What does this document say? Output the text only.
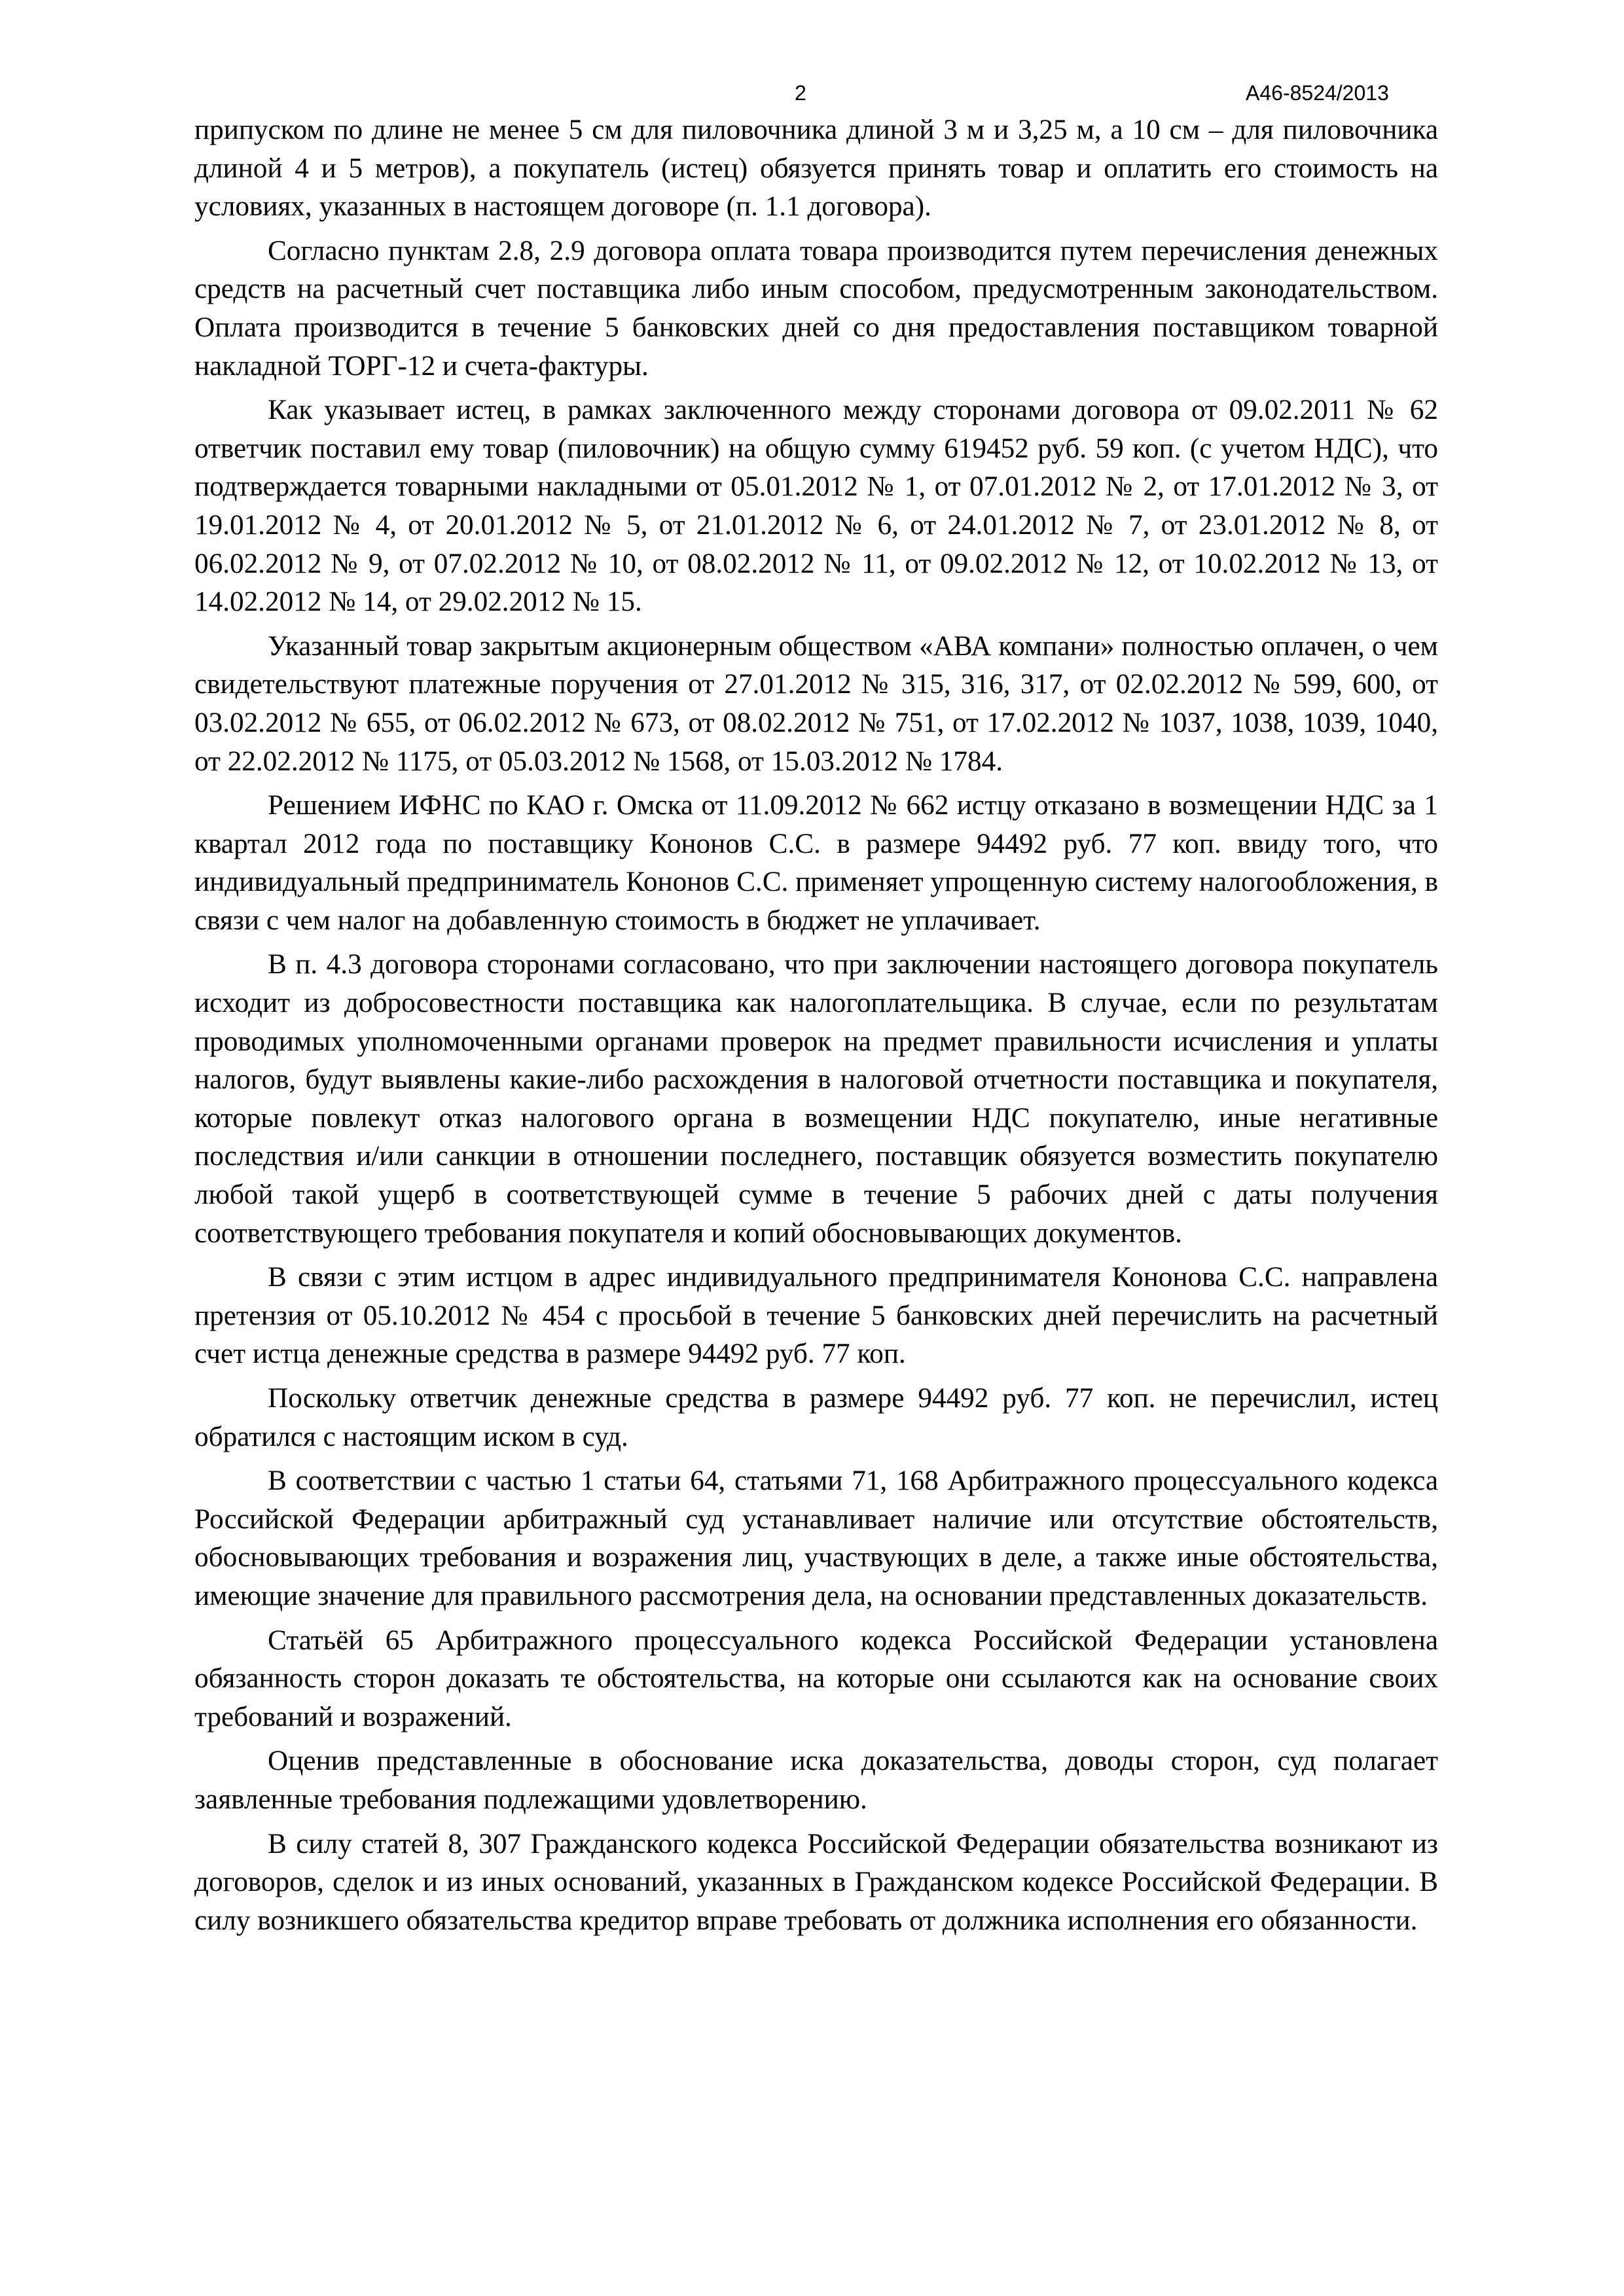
2	А46-8524/2013

припуском по длине не менее 5 см для пиловочника длиной 3 м и 3,25 м, а 10 см – для пиловочника длиной 4 и 5 метров), а покупатель (истец) обязуется принять товар и оплатить его стоимость на условиях, указанных в настоящем договоре (п. 1.1 договора).

Согласно пунктам 2.8, 2.9 договора оплата товара производится путем перечисления денежных средств на расчетный счет поставщика либо иным способом, предусмотренным законодательством. Оплата производится в течение 5 банковских дней со дня предоставления поставщиком товарной накладной ТОРГ-12 и счета-фактуры.

Как указывает истец, в рамках заключенного между сторонами договора от 09.02.2011 № 62 ответчик поставил ему товар (пиловочник) на общую сумму 619452 руб. 59 коп. (с учетом НДС), что подтверждается товарными накладными от 05.01.2012 № 1, от 07.01.2012 № 2, от 17.01.2012 № 3, от 19.01.2012 № 4, от 20.01.2012 № 5, от 21.01.2012 № 6, от 24.01.2012 № 7, от 23.01.2012 № 8, от 06.02.2012 № 9, от 07.02.2012 № 10, от 08.02.2012 № 11, от 09.02.2012 № 12, от 10.02.2012 № 13, от 14.02.2012 № 14, от 29.02.2012 № 15.

Указанный товар закрытым акционерным обществом «АВА компани» полностью оплачен, о чем свидетельствуют платежные поручения от 27.01.2012 № 315, 316, 317, от 02.02.2012 № 599, 600, от 03.02.2012 № 655, от 06.02.2012 № 673, от 08.02.2012 № 751, от 17.02.2012 № 1037, 1038, 1039, 1040, от 22.02.2012 № 1175, от 05.03.2012 № 1568, от 15.03.2012 № 1784.

Решением ИФНС по КАО г. Омска от 11.09.2012 № 662 истцу отказано в возмещении НДС за 1 квартал 2012 года по поставщику Кононов С.С. в размере 94492 руб. 77 коп. ввиду того, что индивидуальный предприниматель Кононов С.С. применяет упрощенную систему налогообложения, в связи с чем налог на добавленную стоимость в бюджет не уплачивает.

В п. 4.3 договора сторонами согласовано, что при заключении настоящего договора покупатель исходит из добросовестности поставщика как налогоплательщика. В случае, если по результатам проводимых уполномоченными органами проверок на предмет правильности исчисления и уплаты налогов, будут выявлены какие-либо расхождения в налоговой отчетности поставщика и покупателя, которые повлекут отказ налогового органа в возмещении НДС покупателю, иные негативные последствия и/или санкции в отношении последнего, поставщик обязуется возместить покупателю любой такой ущерб в соответствующей сумме в течение 5 рабочих дней с даты получения соответствующего требования покупателя и копий обосновывающих документов.

В связи с этим истцом в адрес индивидуального предпринимателя Кононова С.С. направлена претензия от 05.10.2012 № 454 с просьбой в течение 5 банковских дней перечислить на расчетный счет истца денежные средства в размере 94492 руб. 77 коп.

Поскольку ответчик денежные средства в размере 94492 руб. 77 коп. не перечислил, истец обратился с настоящим иском в суд.

В соответствии с частью 1 статьи 64, статьями 71, 168 Арбитражного процессуального кодекса Российской Федерации арбитражный суд устанавливает наличие или отсутствие обстоятельств, обосновывающих требования и возражения лиц, участвующих в деле, а также иные обстоятельства, имеющие значение для правильного рассмотрения дела, на основании представленных доказательств.

Статьёй 65 Арбитражного процессуального кодекса Российской Федерации установлена обязанность сторон доказать те обстоятельства, на которые они ссылаются как на основание своих требований и возражений.

Оценив представленные в обоснование иска доказательства, доводы сторон, суд полагает заявленные требования подлежащими удовлетворению.

В силу статей 8, 307 Гражданского кодекса Российской Федерации обязательства возникают из договоров, сделок и из иных оснований, указанных в Гражданском кодексе Российской Федерации. В силу возникшего обязательства кредитор вправе требовать от должника исполнения его обязанности.
